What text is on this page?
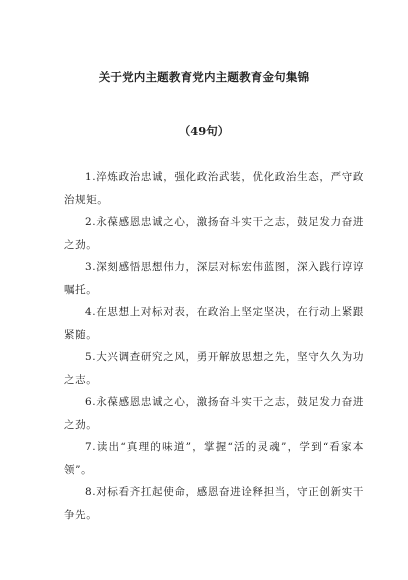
关于党内主题教育党内主题教育金句集锦
（49句）
1.淬炼政治忠诚，强化政治武装，优化政治生态，严守政治规矩。
2.永葆感恩忠诚之心，激扬奋斗实干之志，鼓足发力奋进之劲。
3.深刻感悟思想伟力，深层对标宏伟蓝图，深入践行谆谆嘱托。
4.在思想上对标对表，在政治上坚定坚决，在行动上紧跟紧随。
5.大兴调查研究之风，勇开解放思想之先，坚守久久为功之志。
6.永葆感恩忠诚之心，激扬奋斗实干之志，鼓足发力奋进之劲。
7.读出“真理的味道”，掌握“活的灵魂”，学到“看家本领”。
8.对标看齐扛起使命，感恩奋进诠释担当，守正创新实干争先。
